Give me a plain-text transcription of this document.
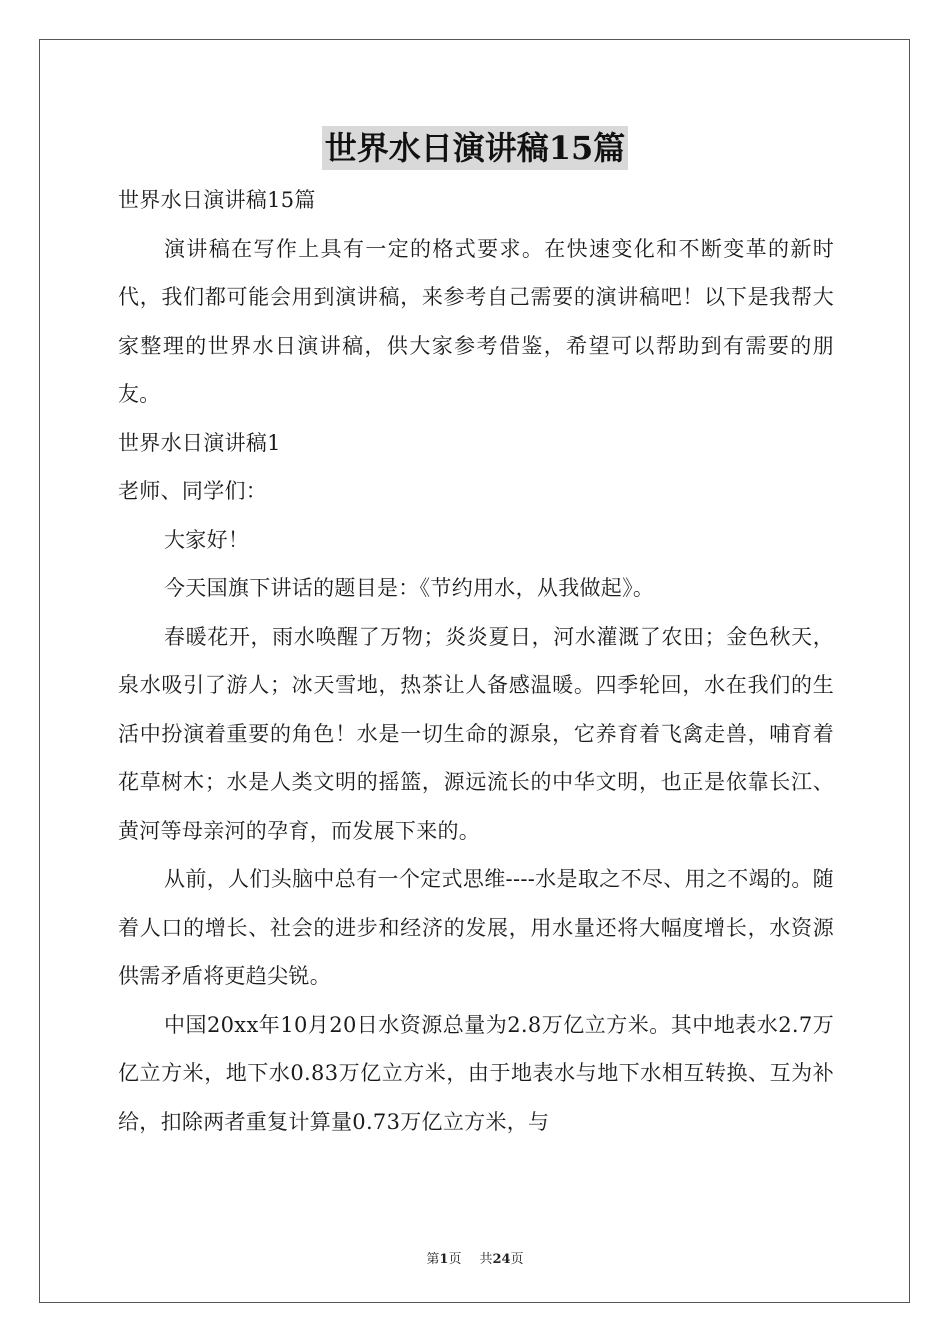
世界水日演讲稿15篇

世界水日演讲稿15篇

演讲稿在写作上具有一定的格式要求。在快速变化和不断变革的新时代，我们都可能会用到演讲稿，来参考自己需要的演讲稿吧！以下是我帮大家整理的世界水日演讲稿，供大家参考借鉴，希望可以帮助到有需要的朋友。

世界水日演讲稿1

老师、同学们：

大家好！

今天国旗下讲话的题目是：《节约用水，从我做起》。

春暖花开，雨水唤醒了万物；炎炎夏日，河水灌溉了农田；金色秋天，泉水吸引了游人；冰天雪地，热茶让人备感温暖。四季轮回，水在我们的生活中扮演着重要的角色！水是一切生命的源泉，它养育着飞禽走兽，哺育着花草树木；水是人类文明的摇篮，源远流长的中华文明，也正是依靠长江、黄河等母亲河的孕育，而发展下来的。

从前，人们头脑中总有一个定式思维----水是取之不尽、用之不竭的。随着人口的增长、社会的进步和经济的发展，用水量还将大幅度增长，水资源供需矛盾将更趋尖锐。

中国20xx年10月20日水资源总量为2.8万亿立方米。其中地表水2.7万亿立方米，地下水0.83万亿立方米，由于地表水与地下水相互转换、互为补给，扣除两者重复计算量0.73万亿立方米，与

第1页 共24页
